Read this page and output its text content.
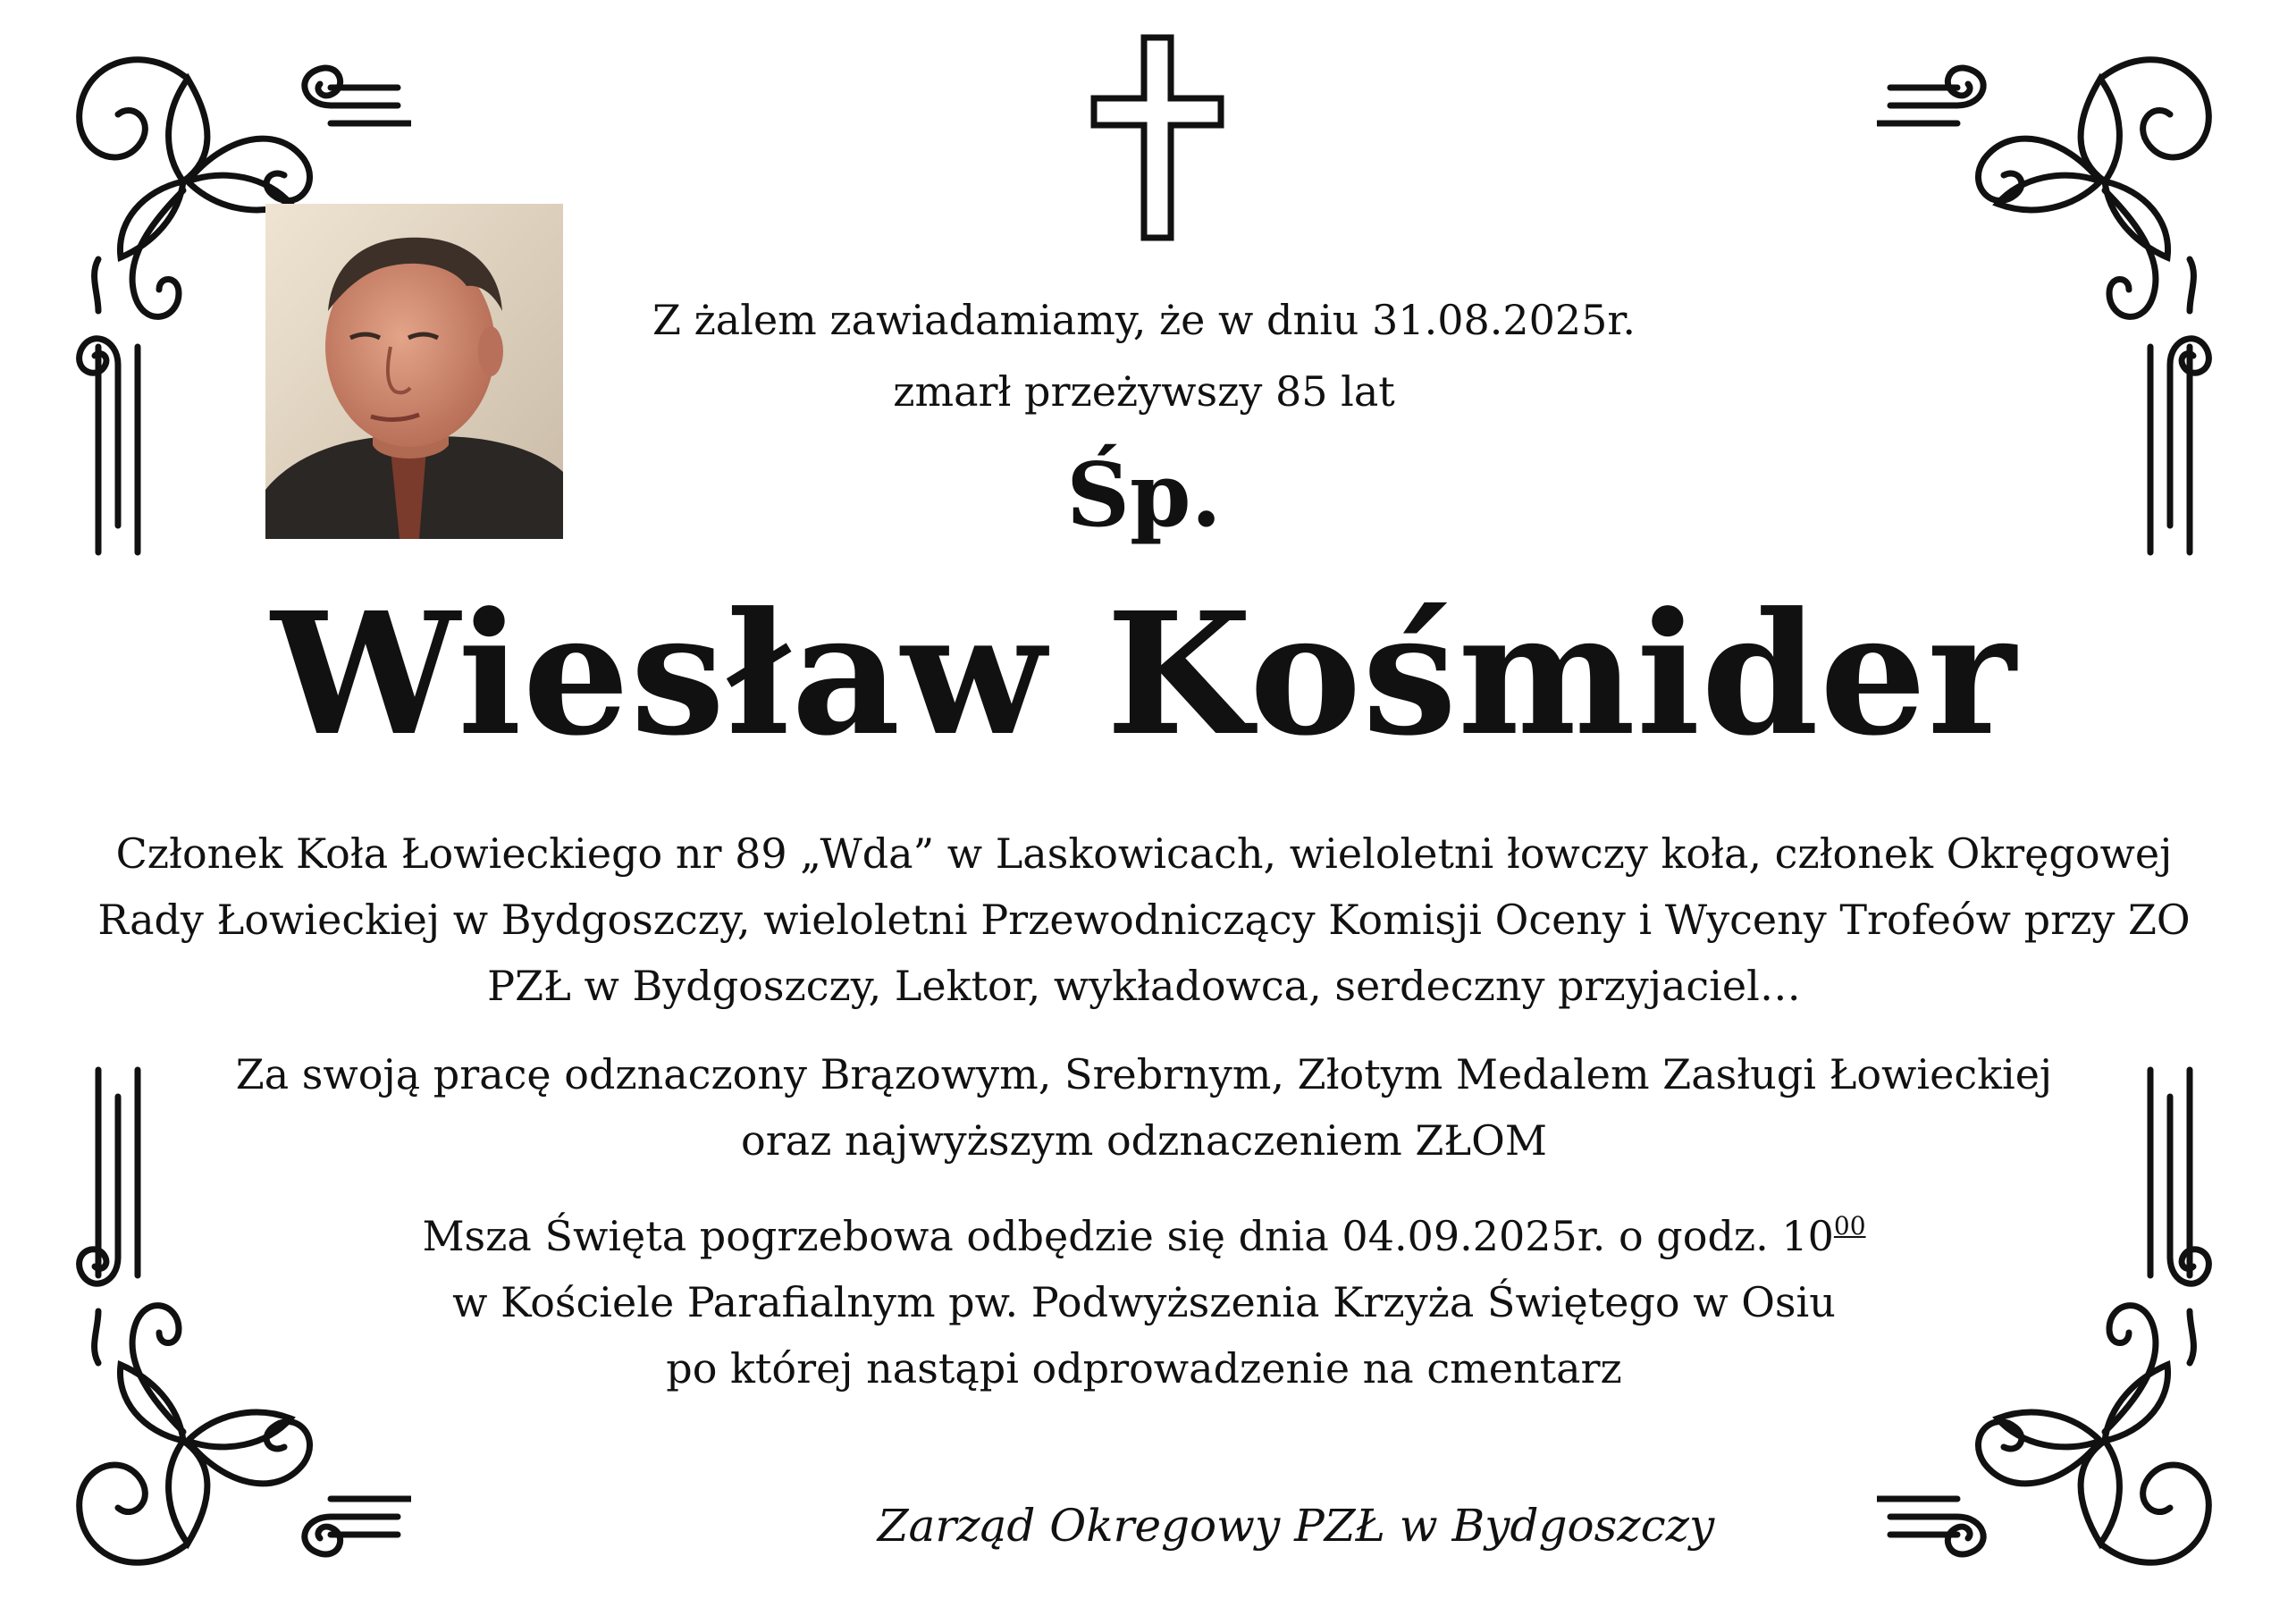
Z żalem zawiadamiamy, że w dniu 31.08.2025r.
zmarł przeżywszy 85 lat
Śp.
Wiesław Kośmider
Członek Koła Łowieckiego nr 89 „Wda” w Laskowicach, wieloletni łowczy koła, członek Okręgowej
Rady Łowieckiej w Bydgoszczy, wieloletni Przewodniczący Komisji Oceny i Wyceny Trofeów przy ZO
PZŁ w Bydgoszczy, Lektor, wykładowca, serdeczny przyjaciel…
Za swoją pracę odznaczony Brązowym, Srebrnym, Złotym Medalem Zasługi Łowieckiej
oraz najwyższym odznaczeniem ZŁOM
Msza Święta pogrzebowa odbędzie się dnia 04.09.2025r. o godz. $10^{00}$
w Kościele Parafialnym pw. Podwyższenia Krzyża Świętego w Osiu
po której nastąpi odprowadzenie na cmentarz
Zarząd Okregowy PZŁ w Bydgoszczy
